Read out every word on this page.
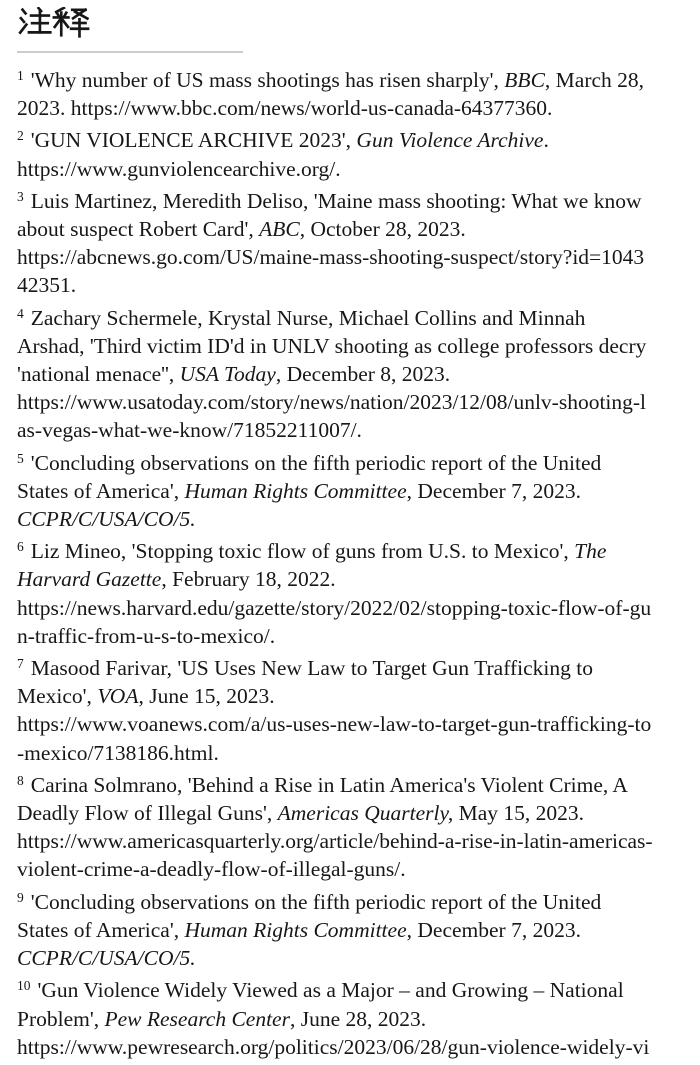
$^1$ 'Why number of US mass shootings has risen sharply', BBC, March 28,
2023. https://www.bbc.com/news/world-us-canada-64377360.
$^2$ 'GUN VIOLENCE ARCHIVE 2023', Gun Violence Archive.
https://www.gunviolencearchive.org/.
$^3$ Luis Martinez, Meredith Deliso, 'Maine mass shooting: What we know
about suspect Robert Card', ABC, October 28, 2023.
https://abcnews.go.com/US/maine-mass-shooting-suspect/story?id=1043
42351.
$^4$ Zachary Schermele, Krystal Nurse, Michael Collins and Minnah
Arshad, 'Third victim ID'd in UNLV shooting as college professors decry
'national menace'', USA Today, December 8, 2023.
https://www.usatoday.com/story/news/nation/2023/12/08/unlv-shooting-l
as-vegas-what-we-know/71852211007/.
$^5$ 'Concluding observations on the fifth periodic report of the United
States of America', Human Rights Committee, December 7, 2023.
CCPR/C/USA/CO/5.
$^6$ Liz Mineo, 'Stopping toxic flow of guns from U.S. to Mexico', The
Harvard Gazette, February 18, 2022.
https://news.harvard.edu/gazette/story/2022/02/stopping-toxic-flow-of-gu
n-traffic-from-u-s-to-mexico/.
$^7$ Masood Farivar, 'US Uses New Law to Target Gun Trafficking to
Mexico', VOA, June 15, 2023.
https://www.voanews.com/a/us-uses-new-law-to-target-gun-trafficking-to
-mexico/7138186.html.
$^8$ Carina Solmrano, 'Behind a Rise in Latin America's Violent Crime, A
Deadly Flow of Illegal Guns', Americas Quarterly, May 15, 2023.
https://www.americasquarterly.org/article/behind-a-rise-in-latin-americas-
violent-crime-a-deadly-flow-of-illegal-guns/.
$^9$ 'Concluding observations on the fifth periodic report of the United
States of America', Human Rights Committee, December 7, 2023.
CCPR/C/USA/CO/5.
$^{10}$ 'Gun Violence Widely Viewed as a Major – and Growing – National
Problem', Pew Research Center, June 28, 2023.
https://www.pewresearch.org/politics/2023/06/28/gun-violence-widely-vi
